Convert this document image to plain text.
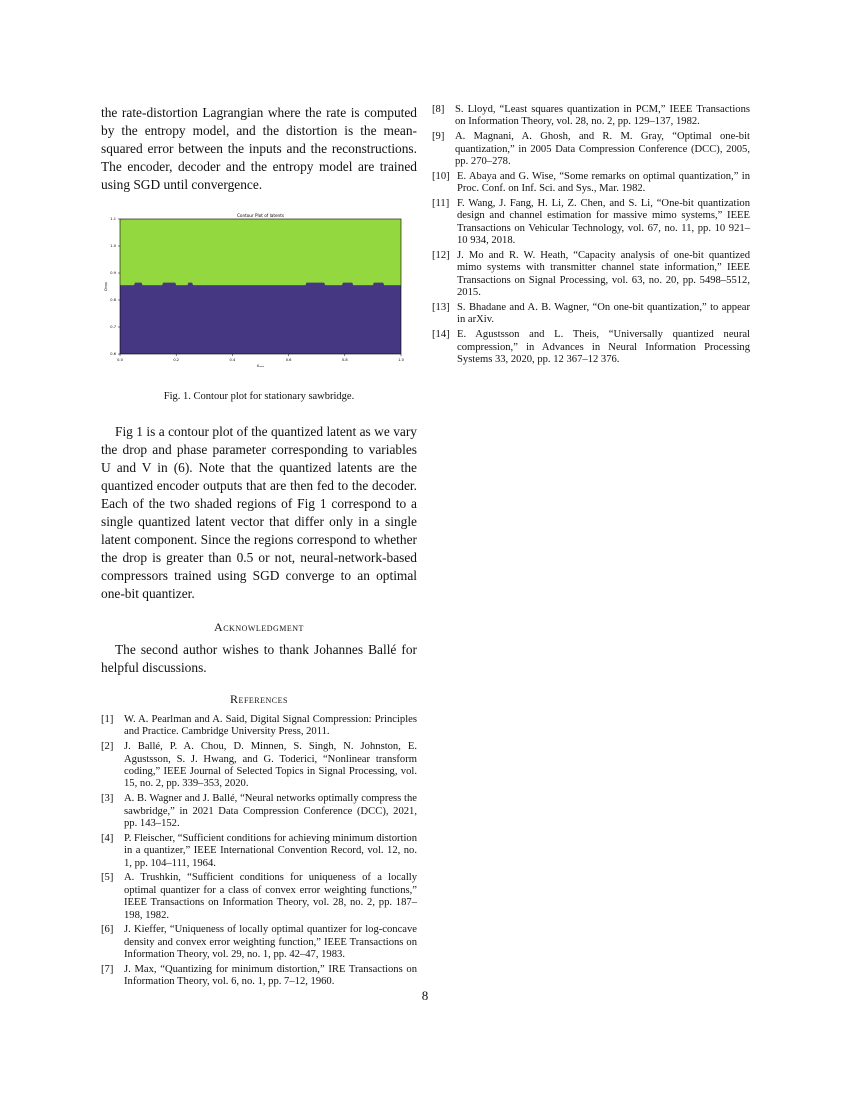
the rate-distortion Lagrangian where the rate is computed by the entropy model, and the distortion is the mean-squared error between the inputs and the reconstructions. The encoder, decoder and the entropy model are trained using SGD until convergence.

0.0	0.2	0.4	0.6	0.8	1.0
0.6
0.7
0.8
0.9
1.0
1.1
Contour Plot of latents
Xₘₐₓ
Drop

Fig. 1. Contour plot for stationary sawbridge.

Fig 1 is a contour plot of the quantized latent as we vary the drop and phase parameter corresponding to variables U and V in (6). Note that the quantized latents are the quantized encoder outputs that are then fed to the decoder. Each of the two shaded regions of Fig 1 correspond to a single quantized latent vector that differ only in a single latent component. Since the regions correspond to whether the drop is greater than 0.5 or not, neural-network-based compressors trained using SGD converge to an optimal one-bit quantizer.

Acknowledgment

The second author wishes to thank Johannes Ballé for helpful discussions.

References

[1]	W. A. Pearlman and A. Said, Digital Signal Compression: Principles and Practice. Cambridge University Press, 2011.
[2]	J. Ballé, P. A. Chou, D. Minnen, S. Singh, N. Johnston, E. Agustsson, S. J. Hwang, and G. Toderici, “Nonlinear transform coding,” IEEE Journal of Selected Topics in Signal Processing, vol. 15, no. 2, pp. 339–353, 2020.
[3]	A. B. Wagner and J. Ballé, “Neural networks optimally compress the sawbridge,” in 2021 Data Compression Conference (DCC), 2021, pp. 143–152.
[4]	P. Fleischer, “Sufficient conditions for achieving minimum distortion in a quantizer,” IEEE International Convention Record, vol. 12, no. 1, pp. 104–111, 1964.
[5]	A. Trushkin, “Sufficient conditions for uniqueness of a locally optimal quantizer for a class of convex error weighting functions,” IEEE Transactions on Information Theory, vol. 28, no. 2, pp. 187–198, 1982.
[6]	J. Kieffer, “Uniqueness of locally optimal quantizer for log-concave density and convex error weighting function,” IEEE Transactions on Information Theory, vol. 29, no. 1, pp. 42–47, 1983.
[7]	J. Max, “Quantizing for minimum distortion,” IRE Transactions on Information Theory, vol. 6, no. 1, pp. 7–12, 1960.
[8]	S. Lloyd, “Least squares quantization in PCM,” IEEE Transactions on Information Theory, vol. 28, no. 2, pp. 129–137, 1982.
[9]	A. Magnani, A. Ghosh, and R. M. Gray, “Optimal one-bit quantization,” in 2005 Data Compression Conference (DCC), 2005, pp. 270–278.
[10] E. Abaya and G. Wise, “Some remarks on optimal quantization,” in Proc. Conf. on Inf. Sci. and Sys., Mar. 1982.
[11] F. Wang, J. Fang, H. Li, Z. Chen, and S. Li, “One-bit quantization design and channel estimation for massive mimo systems,” IEEE Transactions on Vehicular Technology, vol. 67, no. 11, pp. 10 921–10 934, 2018.
[12] J. Mo and R. W. Heath, “Capacity analysis of one-bit quantized mimo systems with transmitter channel state information,” IEEE Transactions on Signal Processing, vol. 63, no. 20, pp. 5498–5512, 2015.
[13] S. Bhadane and A. B. Wagner, “On one-bit quantization,” to appear in arXiv.
[14] E. Agustsson and L. Theis, “Universally quantized neural compression,” in Advances in Neural Information Processing Systems 33, 2020, pp. 12 367–12 376.
8
